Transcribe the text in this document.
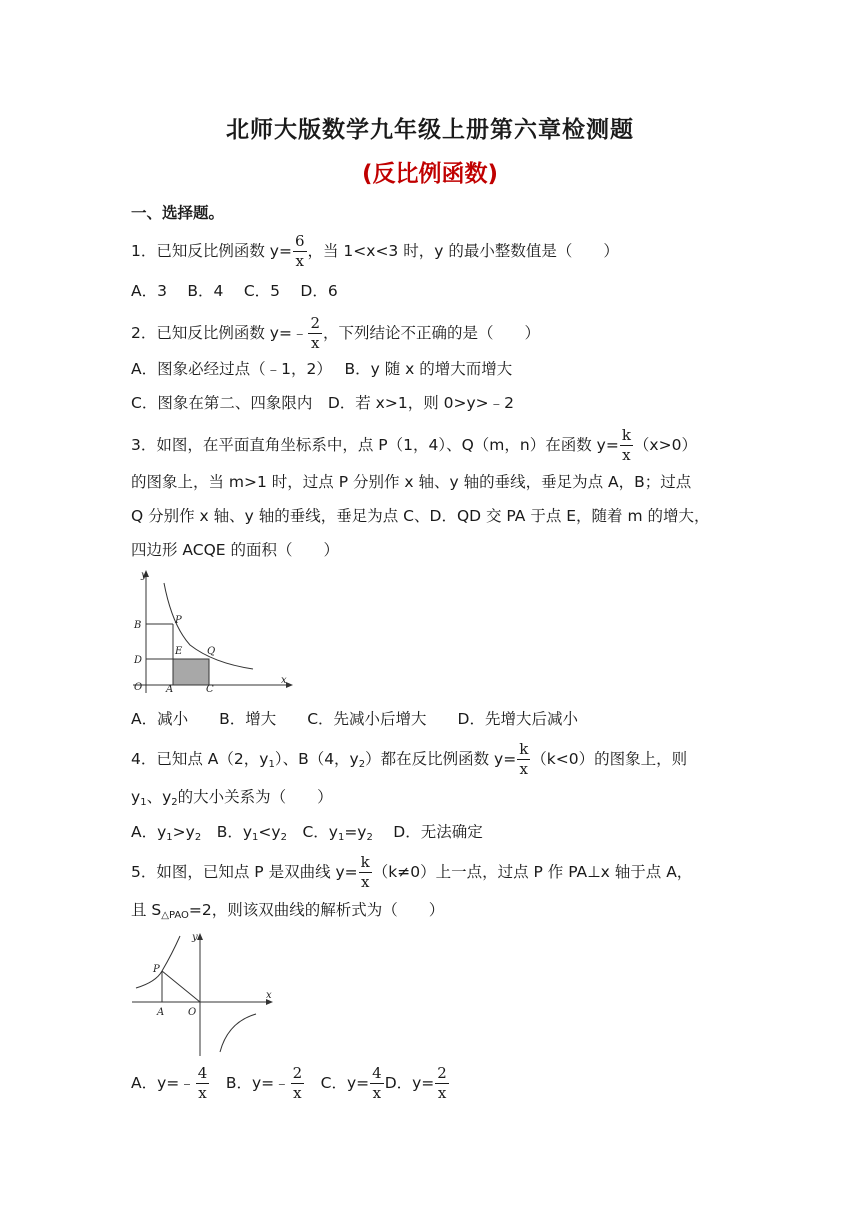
北师大版数学九年级上册第六章检测题
(反比例函数)
一、选择题。
1．已知反比例函数 $y= \frac{6}{x}$ ，当 1<x<3 时，y 的最小整数值是（　　）
A．3　 B．4　 C．5　 D．6
2．已知反比例函数 y=﹣ $\frac{2}{x}$ ，下列结论不正确的是（　　）
A．图象必经过点（﹣1，2）　 B．y 随 x 的增大而增大
C．图象在第二、四象限内　D．若 x>1，则 0>y>﹣2
3．如图，在平面直角坐标系中，点 P（1，4）、Q（m，n）在函数 $y= \frac{k}{x} (x>0)$
的图象上，当 m>1 时，过点 P 分别作 x 轴、y 轴的垂线，垂足为点 A，B；过点
Q 分别作 x 轴、y 轴的垂线，垂足为点 C、D．QD 交 PA 于点 E，随着 m 的增大，
四边形 ACQE 的面积（　　）
y
x
B	P
D
E Q
O A	C
A．减小　　B．增大　　C．先减小后增大　　D．先增大后减小
4．已知点 A（2，$y_1$）、B（4，$y_2$）都在反比例函数 $y= \frac{k}{x} (k<0)$的图象上，则
$y_1$、$y_2$的大小关系为（　　）
A．$y_1>y_2$　B．$y_1<y_2$　C．$y_1=y_2$　 D．无法确定
5．如图，已知点 P 是双曲线 $y= \frac{k}{x} (k\ne 0)$上一点，过点 P 作 PA⊥x 轴于点 A，
且 $S_{\triangle PAO}=2$，则该双曲线的解析式为（　　）
y
x
P
A O
A．y=﹣ $\frac{4}{x}$ 　B．y=﹣ $\frac{2}{x}$ 　C．$y= \frac{4}{x}$ D．$y= \frac{2}{x}$
